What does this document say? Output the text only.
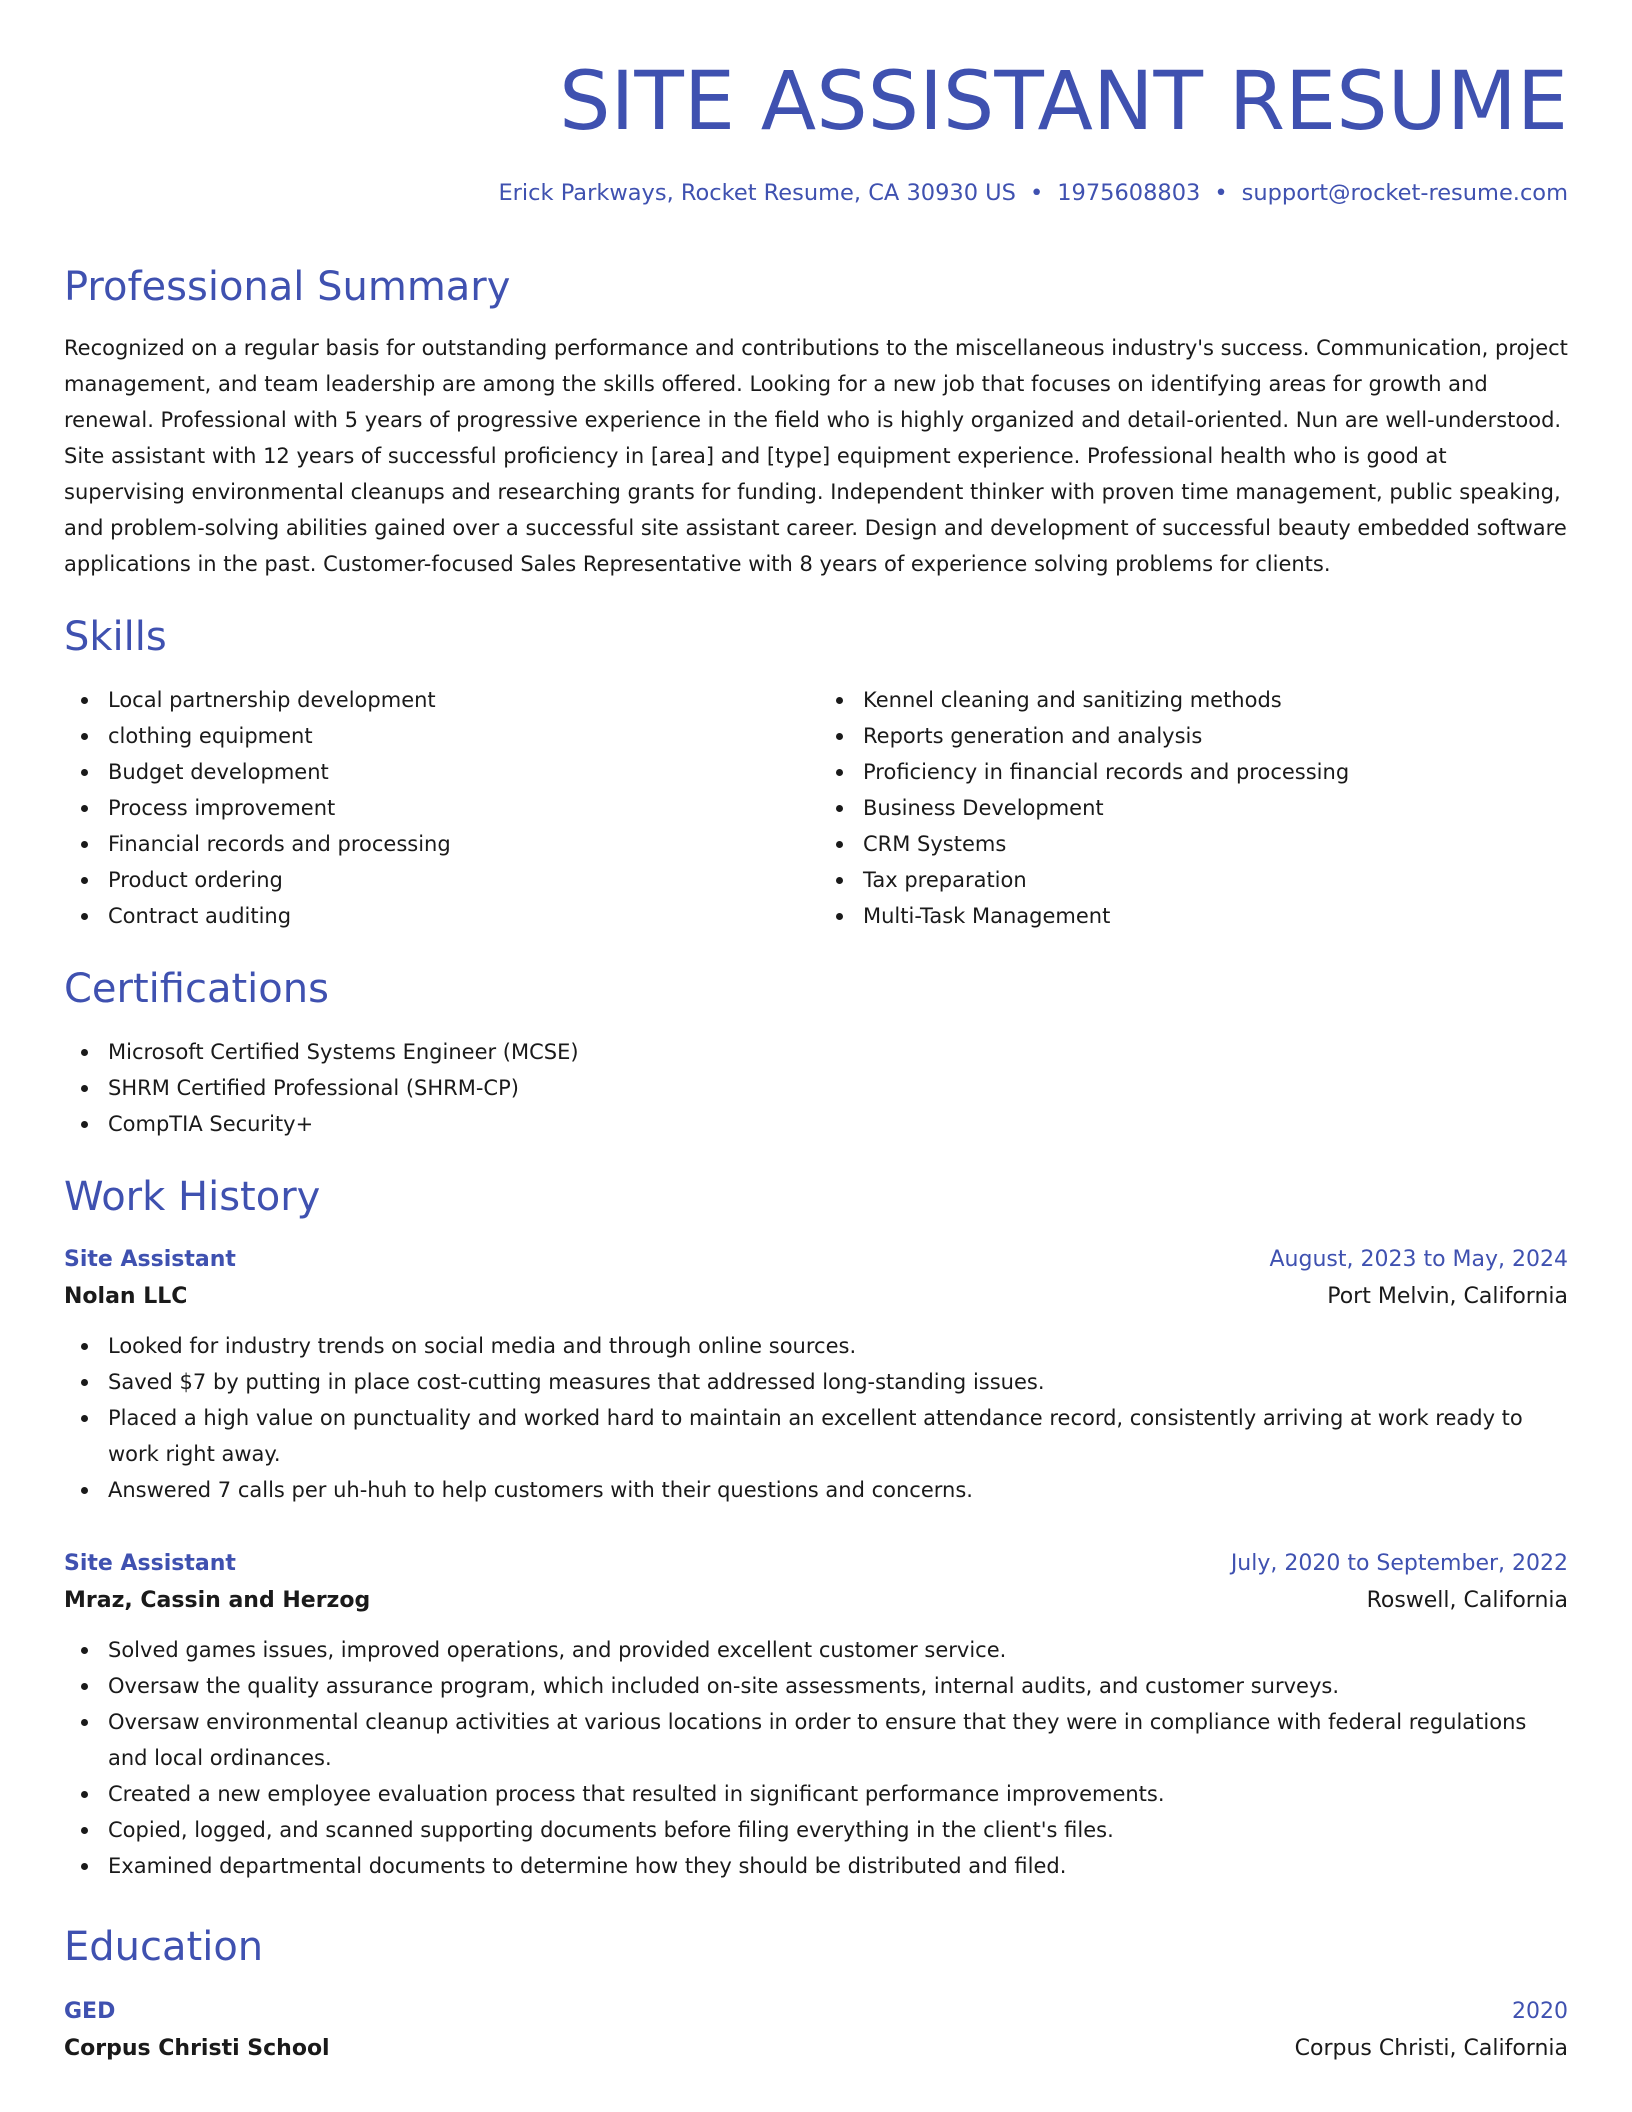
SITE ASSISTANT RESUME
Erick Parkways, Rocket Resume, CA 30930 US • 1975608803 • support@rocket-resume.com
Professional Summary

Recognized on a regular basis for outstanding performance and contributions to the miscellaneous industry's success. Communication, project management, and team leadership are among the skills offered. Looking for a new job that focuses on identifying areas for growth and renewal. Professional with 5 years of progressive experience in the field who is highly organized and detail-oriented. Nun are well-understood. Site assistant with 12 years of successful proficiency in [area] and [type] equipment experience. Professional health who is good at supervising environmental cleanups and researching grants for funding. Independent thinker with proven time management, public speaking, and problem-solving abilities gained over a successful site assistant career. Design and development of successful beauty embedded software applications in the past. Customer-focused Sales Representative with 8 years of experience solving problems for clients.

Skills
Local partnership development
clothing equipment
Budget development
Process improvement
Financial records and processing
Product ordering
Contract auditing
Kennel cleaning and sanitizing methods
Reports generation and analysis
Proficiency in financial records and processing
Business Development
CRM Systems
Tax preparation
Multi-Task Management
Certifications
Microsoft Certified Systems Engineer (MCSE)
SHRM Certified Professional (SHRM-CP)
CompTIA Security+
Work History
Site Assistant	August, 2023 to May, 2024
Nolan LLC	Port Melvin, California
Looked for industry trends on social media and through online sources.
Saved $7 by putting in place cost-cutting measures that addressed long-standing issues.
Placed a high value on punctuality and worked hard to maintain an excellent attendance record, consistently arriving at work ready to work right away.
Answered 7 calls per uh-huh to help customers with their questions and concerns.
Site Assistant	July, 2020 to September, 2022
Mraz, Cassin and Herzog	Roswell, California
Solved games issues, improved operations, and provided excellent customer service.
Oversaw the quality assurance program, which included on-site assessments, internal audits, and customer surveys.
Oversaw environmental cleanup activities at various locations in order to ensure that they were in compliance with federal regulations and local ordinances.
Created a new employee evaluation process that resulted in significant performance improvements.
Copied, logged, and scanned supporting documents before filing everything in the client's files.
Examined departmental documents to determine how they should be distributed and filed.
Education
GED	2020
Corpus Christi School	Corpus Christi, California
